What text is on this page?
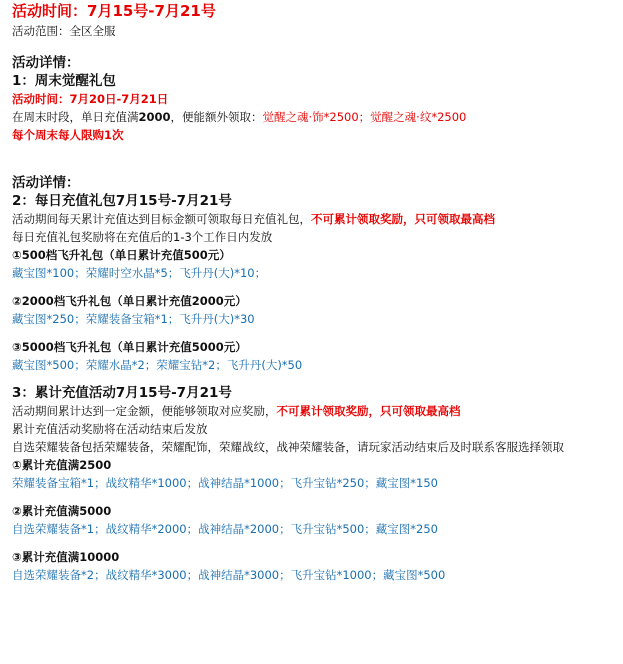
活动时间：7月15号-7月21号
活动范围：全区全服
活动详情：
1：周末觉醒礼包
活动时间：7月20日-7月21日
在周末时段，单日充值满2000，便能额外领取：觉醒之魂·饰*2500；觉醒之魂·纹*2500
每个周末每人限购1次
活动详情：
2：每日充值礼包7月15号-7月21号
活动期间每天累计充值达到目标金额可领取每日充值礼包，不可累计领取奖励，只可领取最高档
每日充值礼包奖励将在充值后的1-3个工作日内发放
①500档飞升礼包（单日累计充值500元）
藏宝图*100；荣耀时空水晶*5；飞升丹(大)*10；
②2000档飞升礼包（单日累计充值2000元）
藏宝图*250；荣耀装备宝箱*1；飞升丹(大)*30
③5000档飞升礼包（单日累计充值5000元）
藏宝图*500；荣耀水晶*2；荣耀宝钻*2；飞升丹(大)*50
3：累计充值活动7月15号-7月21号
活动期间累计达到一定金额，便能够领取对应奖励，不可累计领取奖励，只可领取最高档
累计充值活动奖励将在活动结束后发放
自选荣耀装备包括荣耀装备，荣耀配饰，荣耀战纹，战神荣耀装备，请玩家活动结束后及时联系客服选择领取
①累计充值满2500
荣耀装备宝箱*1；战纹精华*1000；战神结晶*1000；飞升宝钻*250；藏宝图*150
②累计充值满5000
自选荣耀装备*1；战纹精华*2000；战神结晶*2000；飞升宝钻*500；藏宝图*250
③累计充值满10000
自选荣耀装备*2；战纹精华*3000；战神结晶*3000；飞升宝钻*1000；藏宝图*500
